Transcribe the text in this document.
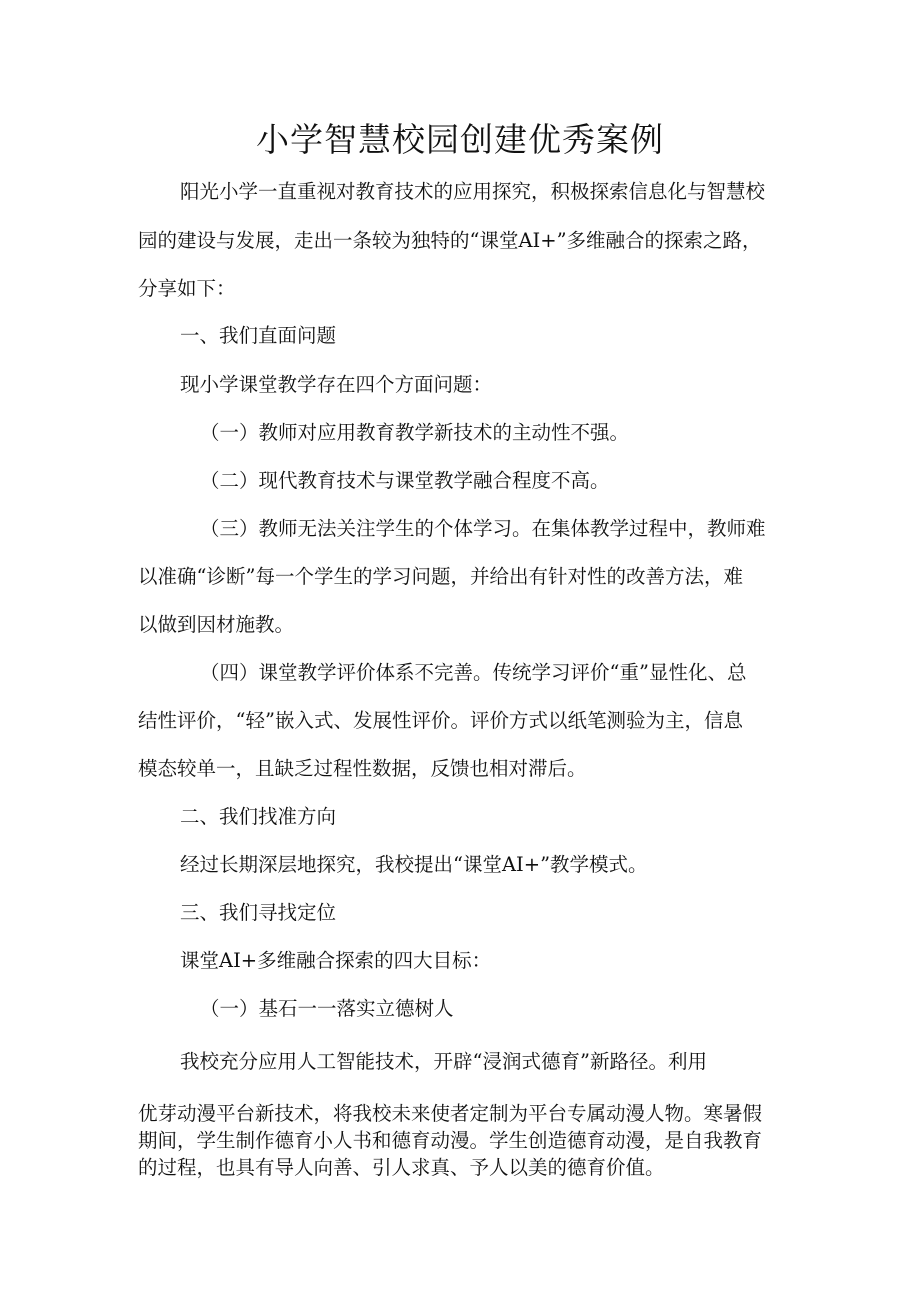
小学智慧校园创建优秀案例
阳光小学一直重视对教育技术的应用探究，积极探索信息化与智慧校
园的建设与发展，走出一条较为独特的“课堂AI+”多维融合的探索之路，
分享如下：
一、我们直面问题
现小学课堂教学存在四个方面问题：
（一）教师对应用教育教学新技术的主动性不强。
（二）现代教育技术与课堂教学融合程度不高。
（三）教师无法关注学生的个体学习。在集体教学过程中，教师难
以准确“诊断”每一个学生的学习问题，并给出有针对性的改善方法，难
以做到因材施教。
（四）课堂教学评价体系不完善。传统学习评价“重”显性化、总
结性评价，“轻”嵌入式、发展性评价。评价方式以纸笔测验为主，信息
模态较单一，且缺乏过程性数据，反馈也相对滞后。
二、我们找准方向
经过长期深层地探究，我校提出“课堂AI+”教学模式。
三、我们寻找定位
课堂AI+多维融合探索的四大目标：
（一）基石一一落实立德树人
我校充分应用人工智能技术，开辟“浸润式德育”新路径。利用
优芽动漫平台新技术，将我校未来使者定制为平台专属动漫人物。寒暑假
期间，学生制作德育小人书和德育动漫。学生创造德育动漫，是自我教育
的过程，也具有导人向善、引人求真、予人以美的德育价值。
